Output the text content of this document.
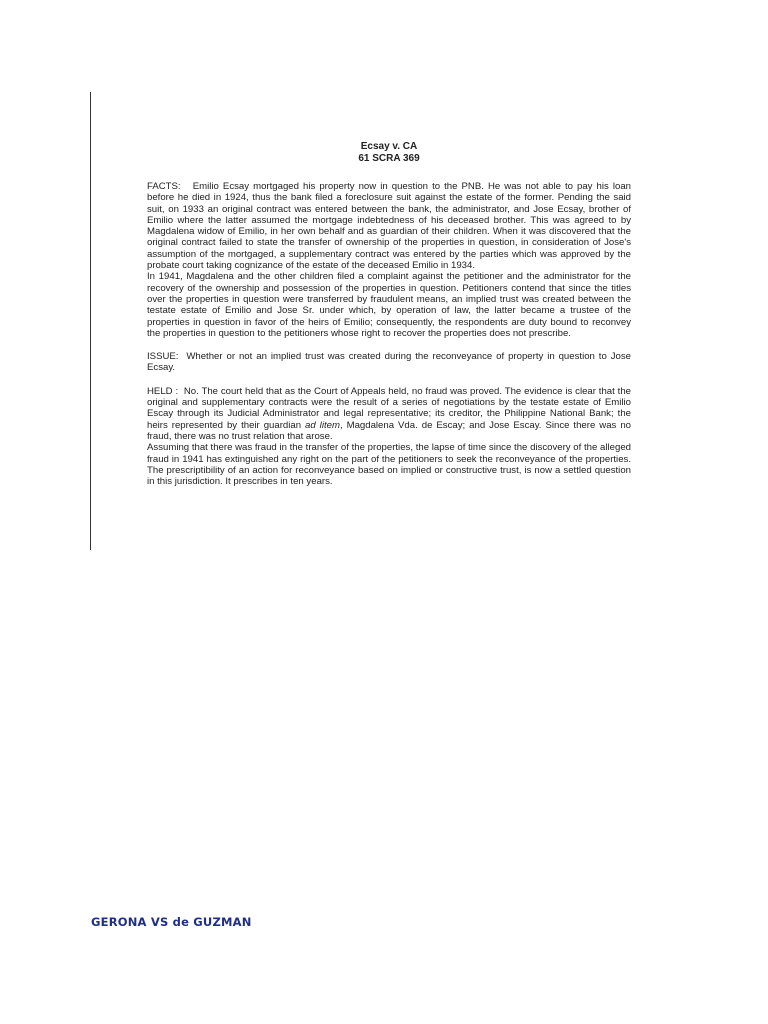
Ecsay v. CA
61 SCRA 369

FACTS: Emilio Ecsay mortgaged his property now in question to the PNB. He was not able to pay his loan before he died in 1924, thus the bank filed a foreclosure suit against the estate of the former. Pending the said suit, on 1933 an original contract was entered between the bank, the administrator, and Jose Ecsay, brother of Emilio where the latter assumed the mortgage indebtedness of his deceased brother. This was agreed to by Magdalena widow of Emilio, in her own behalf and as guardian of their children. When it was discovered that the original contract failed to state the transfer of ownership of the properties in question, in consideration of Jose's assumption of the mortgaged, a supplementary contract was entered by the parties which was approved by the probate court taking cognizance of the estate of the deceased Emilio in 1934.

In 1941, Magdalena and the other children filed a complaint against the petitioner and the administrator for the recovery of the ownership and possession of the properties in question. Petitioners contend that since the titles over the properties in question were transferred by fraudulent means, an implied trust was created between the testate estate of Emilio and Jose Sr. under which, by operation of law, the latter became a trustee of the properties in question in favor of the heirs of Emilio; consequently, the respondents are duty bound to reconvey the properties in question to the petitioners whose right to recover the properties does not prescribe.

ISSUE: Whether or not an implied trust was created during the reconveyance of property in question to Jose Ecsay.

HELD : No. The court held that as the Court of Appeals held, no fraud was proved. The evidence is clear that the original and supplementary contracts were the result of a series of negotiations by the testate estate of Emilio Escay through its Judicial Administrator and legal representative; its creditor, the Philippine National Bank; the heirs represented by their guardian ad litem, Magdalena Vda. de Escay; and Jose Escay. Since there was no fraud, there was no trust relation that arose.

Assuming that there was fraud in the transfer of the properties, the lapse of time since the discovery of the alleged fraud in 1941 has extinguished any right on the part of the petitioners to seek the reconveyance of the properties. The prescriptibility of an action for reconveyance based on implied or constructive trust, is now a settled question in this jurisdiction. It prescribes in ten years.

GERONA VS de GUZMAN
